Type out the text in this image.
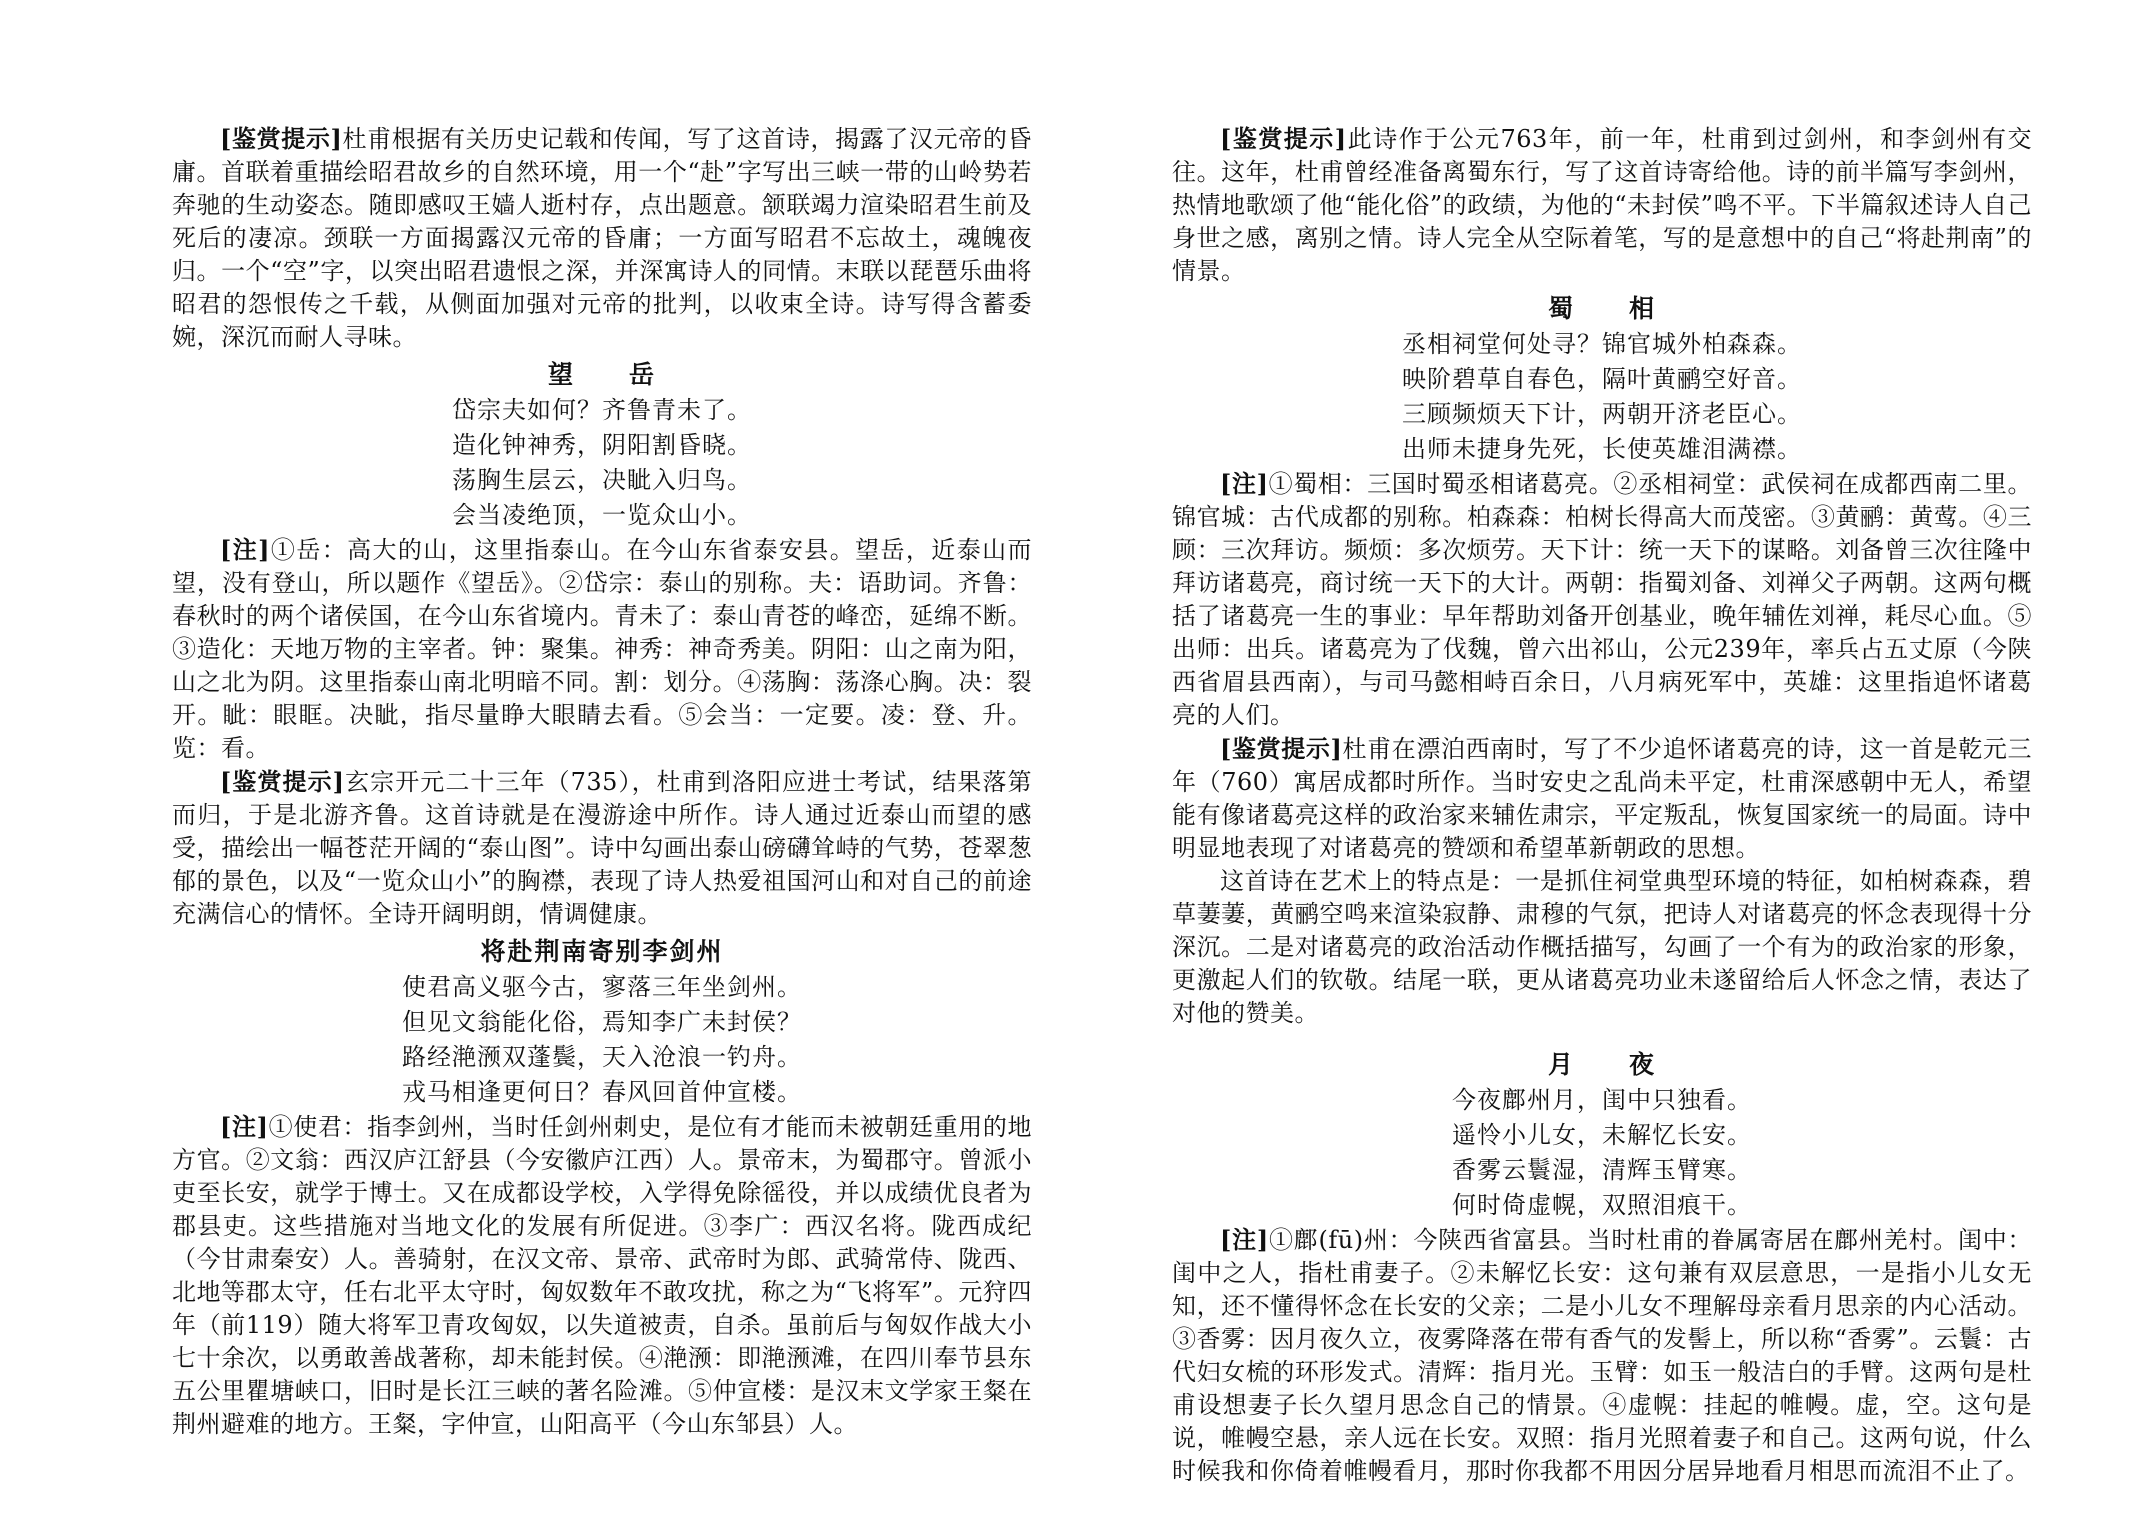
[鉴赏提示]杜甫根据有关历史记载和传闻，写了这首诗，揭露了汉元帝的昏庸。首联着重描绘昭君故乡的自然环境，用一个“赴”字写出三峡一带的山岭势若奔驰的生动姿态。随即感叹王嫱人逝村存，点出题意。颔联竭力渲染昭君生前及死后的凄凉。颈联一方面揭露汉元帝的昏庸；一方面写昭君不忘故土，魂魄夜归。一个“空”字，以突出昭君遗恨之深，并深寓诗人的同情。末联以琵琶乐曲将昭君的怨恨传之千载，从侧面加强对元帝的批判，以收束全诗。诗写得含蓄委婉，深沉而耐人寻味。

望　　岳
岱宗夫如何？齐鲁青未了。
造化钟神秀，阴阳割昏晓。
荡胸生层云，决眦入归鸟。
会当凌绝顶，一览众山小。

[注]①岳：高大的山，这里指泰山。在今山东省泰安县。望岳，近泰山而望，没有登山，所以题作《望岳》。②岱宗：泰山的别称。夫：语助词。齐鲁：春秋时的两个诸侯国，在今山东省境内。青未了：泰山青苍的峰峦，延绵不断。③造化：天地万物的主宰者。钟：聚集。神秀：神奇秀美。阴阳：山之南为阳，山之北为阴。这里指泰山南北明暗不同。割：划分。④荡胸：荡涤心胸。决：裂开。眦：眼眶。决眦，指尽量睁大眼睛去看。⑤会当：一定要。凌：登、升。览：看。

[鉴赏提示]玄宗开元二十三年（735），杜甫到洛阳应进士考试，结果落第而归，于是北游齐鲁。这首诗就是在漫游途中所作。诗人通过近泰山而望的感受，描绘出一幅苍茫开阔的“泰山图”。诗中勾画出泰山磅礴耸峙的气势，苍翠葱郁的景色，以及“一览众山小”的胸襟，表现了诗人热爱祖国河山和对自己的前途充满信心的情怀。全诗开阔明朗，情调健康。

将赴荆南寄别李剑州
使君高义驱今古，寥落三年坐剑州。
但见文翁能化俗，焉知李广未封侯？
路经滟滪双蓬鬓，天入沧浪一钓舟。
戎马相逢更何日？春风回首仲宣楼。

[注]①使君：指李剑州，当时任剑州刺史，是位有才能而未被朝廷重用的地方官。②文翁：西汉庐江舒县（今安徽庐江西）人。景帝末，为蜀郡守。曾派小吏至长安，就学于博士。又在成都设学校，入学得免除徭役，并以成绩优良者为郡县吏。这些措施对当地文化的发展有所促进。③李广：西汉名将。陇西成纪（今甘肃秦安）人。善骑射，在汉文帝、景帝、武帝时为郎、武骑常侍、陇西、北地等郡太守，任右北平太守时，匈奴数年不敢攻扰，称之为“飞将军”。元狩四年（前119）随大将军卫青攻匈奴，以失道被责，自杀。虽前后与匈奴作战大小七十余次，以勇敢善战著称，却未能封侯。④滟滪：即滟滪滩，在四川奉节县东五公里瞿塘峡口，旧时是长江三峡的著名险滩。⑤仲宣楼：是汉末文学家王粲在荆州避难的地方。王粲，字仲宣，山阳高平（今山东邹县）人。

[鉴赏提示]此诗作于公元763年，前一年，杜甫到过剑州，和李剑州有交往。这年，杜甫曾经准备离蜀东行，写了这首诗寄给他。诗的前半篇写李剑州，热情地歌颂了他“能化俗”的政绩，为他的“未封侯”鸣不平。下半篇叙述诗人自己身世之感，离别之情。诗人完全从空际着笔，写的是意想中的自己“将赴荆南”的情景。

蜀　　相
丞相祠堂何处寻？锦官城外柏森森。
映阶碧草自春色，隔叶黄鹂空好音。
三顾频烦天下计，两朝开济老臣心。
出师未捷身先死，长使英雄泪满襟。

[注]①蜀相：三国时蜀丞相诸葛亮。②丞相祠堂：武侯祠在成都西南二里。锦官城：古代成都的别称。柏森森：柏树长得高大而茂密。③黄鹂：黄莺。④三顾：三次拜访。频烦：多次烦劳。天下计：统一天下的谋略。刘备曾三次往隆中拜访诸葛亮，商讨统一天下的大计。两朝：指蜀刘备、刘禅父子两朝。这两句概括了诸葛亮一生的事业：早年帮助刘备开创基业，晚年辅佐刘禅，耗尽心血。⑤出师：出兵。诸葛亮为了伐魏，曾六出祁山，公元239年，率兵占五丈原（今陕西省眉县西南），与司马懿相峙百余日，八月病死军中，英雄：这里指追怀诸葛亮的人们。

[鉴赏提示]杜甫在漂泊西南时，写了不少追怀诸葛亮的诗，这一首是乾元三年（760）寓居成都时所作。当时安史之乱尚未平定，杜甫深感朝中无人，希望能有像诸葛亮这样的政治家来辅佐肃宗，平定叛乱，恢复国家统一的局面。诗中明显地表现了对诸葛亮的赞颂和希望革新朝政的思想。

这首诗在艺术上的特点是：一是抓住祠堂典型环境的特征，如柏树森森，碧草萋萋，黄鹂空鸣来渲染寂静、肃穆的气氛，把诗人对诸葛亮的怀念表现得十分深沉。二是对诸葛亮的政治活动作概括描写，勾画了一个有为的政治家的形象，更激起人们的钦敬。结尾一联，更从诸葛亮功业未遂留给后人怀念之情，表达了对他的赞美。

月　　夜
今夜鄜州月，闺中只独看。
遥怜小儿女，未解忆长安。
香雾云鬟湿，清辉玉臂寒。
何时倚虚幌，双照泪痕干。

[注]①鄜(fū)州：今陕西省富县。当时杜甫的眷属寄居在鄜州羌村。闺中：闺中之人，指杜甫妻子。②未解忆长安：这句兼有双层意思，一是指小儿女无知，还不懂得怀念在长安的父亲；二是小儿女不理解母亲看月思亲的内心活动。③香雾：因月夜久立，夜雾降落在带有香气的发髻上，所以称“香雾”。云鬟：古代妇女梳的环形发式。清辉：指月光。玉臂：如玉一般洁白的手臂。这两句是杜甫设想妻子长久望月思念自己的情景。④虚幌：挂起的帷幔。虚，空。这句是说，帷幔空悬，亲人远在长安。双照：指月光照着妻子和自己。这两句说，什么时候我和你倚着帷幔看月，那时你我都不用因分居异地看月相思而流泪不止了。
